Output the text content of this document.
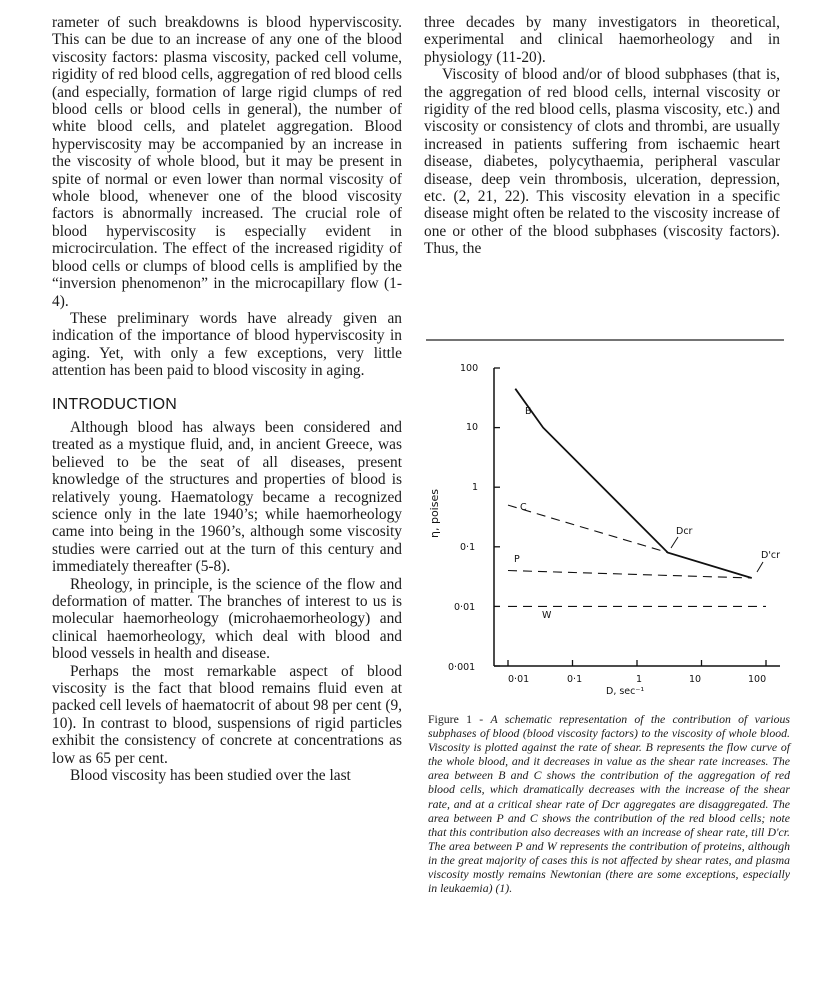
rameter of such breakdowns is blood hyperviscosity. This can be due to an increase of any one of the blood viscosity factors: plasma viscosity, packed cell volume, rigidity of red blood cells, aggregation of red blood cells (and especially, formation of large rigid clumps of red blood cells or blood cells in general), the number of white blood cells, and platelet aggregation. Blood hyperviscosity may be accompanied by an increase in the viscosity of whole blood, but it may be present in spite of normal or even lower than normal viscosity of whole blood, whenever one of the blood viscosity factors is abnormally increased. The crucial role of blood hyperviscosity is especially evident in microcirculation. The effect of the increased rigidity of blood cells or clumps of blood cells is amplified by the “inversion phenomenon” in the microcapillary flow (1-4).

These preliminary words have already given an indication of the importance of blood hyperviscosity in aging. Yet, with only a few exceptions, very little attention has been paid to blood viscosity in aging.

INTRODUCTION

Although blood has always been considered and treated as a mystique fluid, and, in ancient Greece, was believed to be the seat of all diseases, present knowledge of the structures and properties of blood is relatively young. Haematology became a recognized science only in the late 1940’s; while haemorheology came into being in the 1960’s, although some viscosity studies were carried out at the turn of this century and immediately thereafter (5-8).

Rheology, in principle, is the science of the flow and deformation of matter. The branches of interest to us is molecular haemorheology (microhaemorheology) and clinical haemorheology, which deal with blood and blood vessels in health and disease.

Perhaps the most remarkable aspect of blood viscosity is the fact that blood remains fluid even at packed cell levels of haematocrit of about 98 per cent (9, 10). In contrast to blood, suspensions of rigid particles exhibit the consistency of concrete at concentrations as low as 65 per cent.

Blood viscosity has been studied over the last

three decades by many investigators in theoretical, experimental and clinical haemorheology and in physiology (11-20).

Viscosity of blood and/or of blood subphases (that is, the aggregation of red blood cells, internal viscosity or rigidity of the red blood cells, plasma viscosity, etc.) and viscosity or consistency of clots and thrombi, are usually increased in patients suffering from ischaemic heart disease, diabetes, polycythaemia, peripheral vascular disease, deep vein thrombosis, ulceration, depression, etc. (2, 21, 22). This viscosity elevation in a specific disease might often be related to the viscosity increase of one or other of the blood subphases (viscosity factors). Thus, the

100
10
1
0·1
0·01
0·001
0·01	0·1	1	10	100
D, sec⁻¹
η, poises
B
C
P
W
Dcr
D'cr
Figure 1 - A schematic representation of the contribution of various subphases of blood (blood viscosity factors) to the viscosity of whole blood. Viscosity is plotted against the rate of shear. B represents the flow curve of the whole blood, and it decreases in value as the shear rate increases. The area between B and C shows the contribution of the aggregation of red blood cells, which dramatically decreases with the increase of the shear rate, and at a critical shear rate of Dcr aggregates are disaggregated. The area between P and C shows the contribution of the red blood cells; note that this contribution also decreases with an increase of shear rate, till D'cr. The area between P and W represents the contribution of proteins, although in the great majority of cases this is not affected by shear rates, and plasma viscosity mostly remains Newtonian (there are some exceptions, especially in leukaemia) (1).
